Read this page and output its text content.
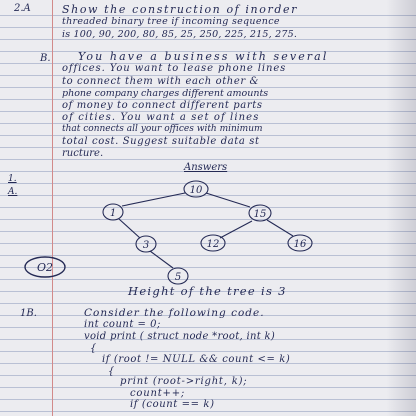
2.A	Show the construction of inorder
threaded binary tree if incoming sequence
is 100, 90, 200, 80, 85, 25, 250, 225, 215, 275.
B. You have a business with several
offices. You want to lease phone lines
to connect them with each other &
phone company charges different amounts
of money to connect different parts
of cities. You want a set of lines
that connects all your offices with minimum
total cost. Suggest suitable data st
ructure.
Answers
1.
A.	10
1	15
3	12	16
5
O2
Height of the tree is 3
1B.	Consider the following code.
int count = 0;
void print ( struct node *root, int k)
{
if (root != NULL && count <= k)
{
print (root->right, k);
count++;
if (count == k)
